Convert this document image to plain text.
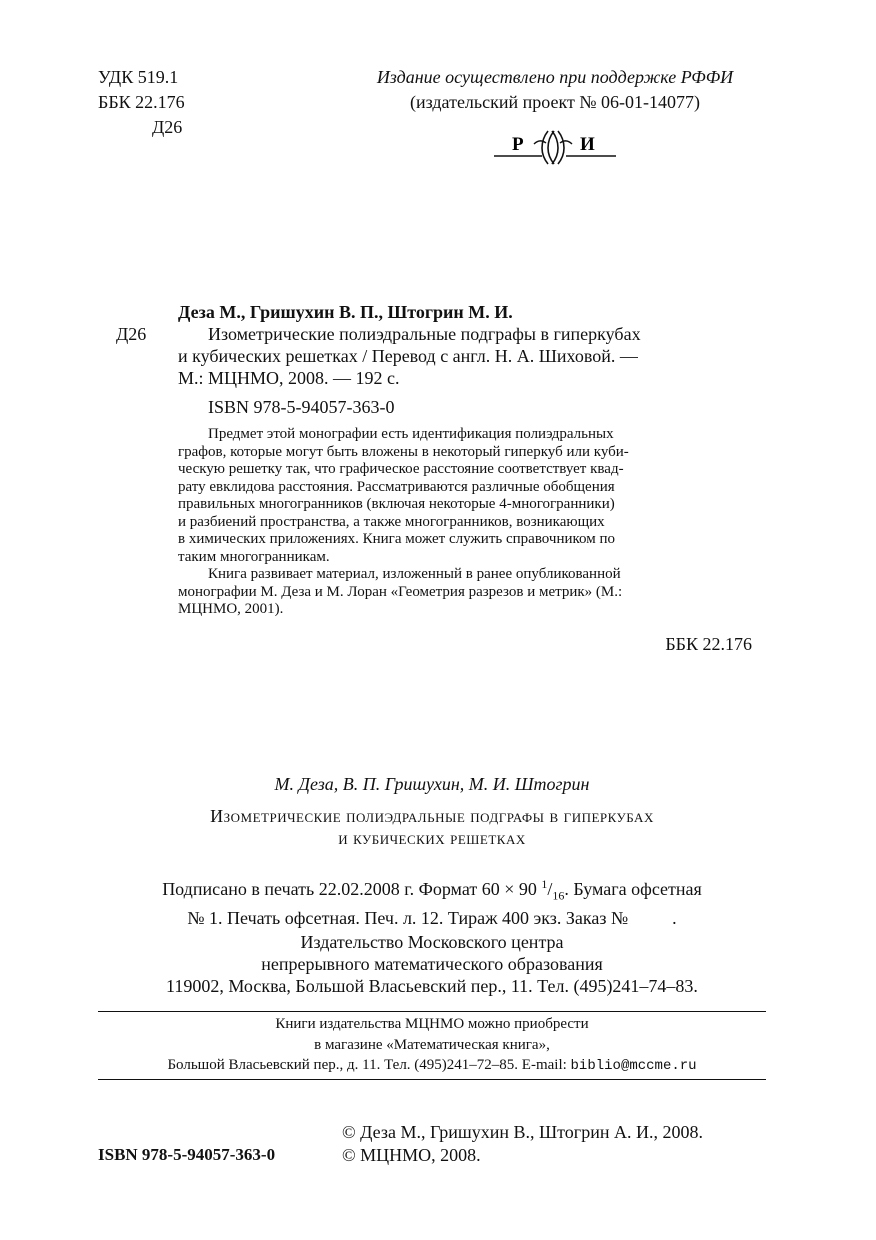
УДК 519.1
ББК 22.176
Д26
Издание осуществлено при поддержке РФФИ
(издательский проект № 06-01-14077)
Р	И
Деза М., Гришухин В. П., Штогрин М. И.
Д26	Изометрические полиэдральные подграфы в гиперкубах
и кубических решетках / Перевод с англ. Н. А. Шиховой. —
М.: МЦНМО, 2008. — 192 с.
ISBN 978-5-94057-363-0
Предмет этой монографии есть идентификация полиэдральных
графов, которые могут быть вложены в некоторый гиперкуб или куби-
ческую решетку так, что графическое расстояние соответствует квад-
рату евклидова расстояния. Рассматриваются различные обобщения
правильных многогранников (включая некоторые 4-многогранники)
и разбиений пространства, а также многогранников, возникающих
в химических приложениях. Книга может служить справочником по
таким многогранникам.
Книга развивает материал, изложенный в ранее опубликованной
монографии М. Деза и М. Лоран «Геометрия разрезов и метрик» (М.:
МЦНМО, 2001).
ББК 22.176
М. Деза, В. П. Гришухин, М. И. Штогрин
Изометрические полиэдральные подграфы в гиперкубах
и кубических решетках
Подписано в печать 22.02.2008 г. Формат 60 × 90 $^1/_{16}$. Бумага офсетная
№ 1. Печать офсетная. Печ. л. 12. Тираж 400 экз. Заказ № .
Издательство Московского центра
непрерывного математического образования
119002, Москва, Большой Власьевский пер., 11. Тел. (495)241–74–83.
Книги издательства МЦНМО можно приобрести
в магазине «Математическая книга»,
Большой Власьевский пер., д. 11. Тел. (495)241–72–85. E-mail: biblio@mccme.ru
© Деза М., Гришухин В., Штогрин А. И., 2008.
ISBN 978-5-94057-363-0	© МЦНМО, 2008.
